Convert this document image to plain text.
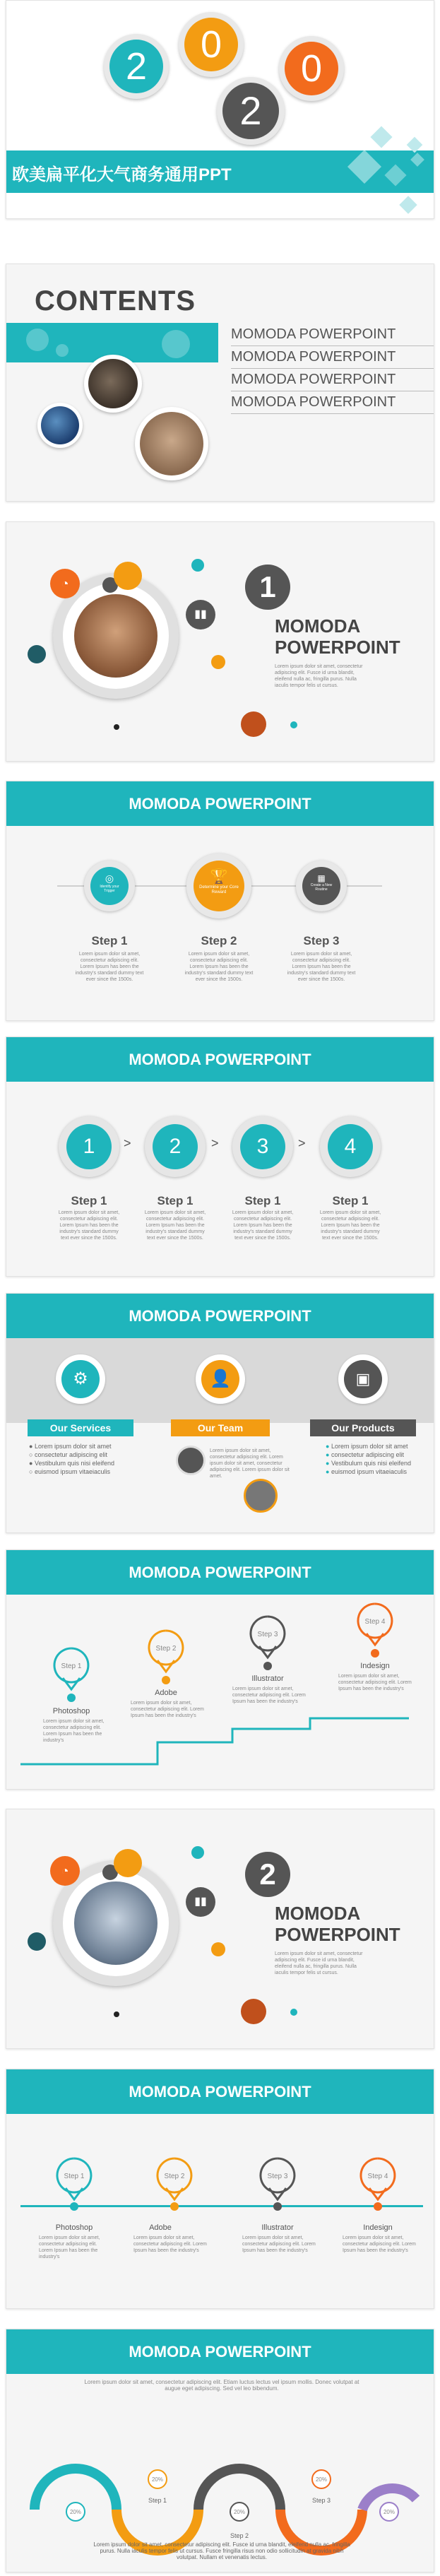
2
0
2
0
欧美扁平化大气商务通用PPT
CONTENTS
MOMODA POWERPOINT
MOMODA POWERPOINT
MOMODA POWERPOINT
MOMODA POWERPOINT
◔
▮▮
1
MOMODA
POWERPOINT
Lorem ipsum dolor sit amet, consectetur adipiscing elit. Fusce id urna blandit, eleifend nulla ac, fringilla purus. Nulla iaculis tempor felis ut cursus.
MOMODA POWERPOINT
◎
Identify your Trigger
🏆
Determine your Core Reward
▦
Create a New Routine
Step 1
Lorem ipsum dolor sit amet, consectetur adipiscing elit. Lorem Ipsum has been the industry's standard dummy text ever since the 1500s.
Step 2
Lorem ipsum dolor sit amet, consectetur adipiscing elit. Lorem Ipsum has been the industry's standard dummy text ever since the 1500s.
Step 3
Lorem ipsum dolor sit amet, consectetur adipiscing elit. Lorem Ipsum has been the industry's standard dummy text ever since the 1500s.
MOMODA POWERPOINT
1	>	2	>	3	>	4
Step 1
Lorem ipsum dolor sit amet, consectetur adipiscing elit. Lorem Ipsum has been the industry's standard dummy text ever since the 1500s.
Step 1
Lorem ipsum dolor sit amet, consectetur adipiscing elit. Lorem Ipsum has been the industry's standard dummy text ever since the 1500s.
Step 1
Lorem ipsum dolor sit amet, consectetur adipiscing elit. Lorem Ipsum has been the industry's standard dummy text ever since the 1500s.
Step 1
Lorem ipsum dolor sit amet, consectetur adipiscing elit. Lorem Ipsum has been the industry's standard dummy text ever since the 1500s.
MOMODA POWERPOINT
⚙	👤	▣
Our Services	Our Team	Our Products
● Lorem ipsum dolor sit amet
○ consectetur adipiscing elit
● Vestibulum quis nisi eleifend
○ euismod ipsum vitaeiaculis
Lorem ipsum dolor sit amet, consectetur adipiscing elit. Lorem ipsum dolor sit amet, consectetur adipiscing elit. Lorem ipsum dolor sit amet.
● Lorem ipsum dolor sit amet
● consectetur adipiscing elit
● Vestibulum quis nisi eleifend
● euismod ipsum vitaeiaculis
MOMODA POWERPOINT
Step 1
Step 2
Step 3
Step 4
Photoshop
Lorem ipsum dolor sit amet, consectetur adipiscing elit. Lorem Ipsum has been the industry's
Adobe
Lorem ipsum dolor sit amet, consectetur adipiscing elit. Lorem Ipsum has been the industry's
Illustrator
Lorem ipsum dolor sit amet, consectetur adipiscing elit. Lorem Ipsum has been the industry's
Indesign
Lorem ipsum dolor sit amet, consectetur adipiscing elit. Lorem Ipsum has been the industry's
◔
▮▮
2
MOMODA
POWERPOINT
Lorem ipsum dolor sit amet, consectetur adipiscing elit. Fusce id urna blandit, eleifend nulla ac, fringilla purus. Nulla iaculis tempor felis ut cursus.
MOMODA POWERPOINT
Step 1	Step 2	Step 3	Step 4
Photoshop
Lorem ipsum dolor sit amet, consectetur adipiscing elit. Lorem Ipsum has been the industry's
Adobe
Lorem ipsum dolor sit amet, consectetur adipiscing elit. Lorem Ipsum has been the industry's
Illustrator
Lorem ipsum dolor sit amet, consectetur adipiscing elit. Lorem Ipsum has been the industry's
Indesign
Lorem ipsum dolor sit amet, consectetur adipiscing elit. Lorem Ipsum has been the industry's
MOMODA POWERPOINT
Lorem ipsum dolor sit amet, consectetur adipiscing elit. Etiam luctus lectus vel ipsum mollis. Donec volutpat at augue eget adipiscing. Sed vel leo bibendum.
20%
20%
20%
20%
20%
Step 1
Step 2
Step 3
Lorem ipsum dolor sit amet, consectetur adipiscing elit. Fusce id urna blandit, eleifend nulla ac, fringilla purus. Nulla iaculis tempor felis ut cursus. Fusce fringilla risus non odio sollicitudin at gravida nibh volutpat. Nullam et venenatis lectus.
